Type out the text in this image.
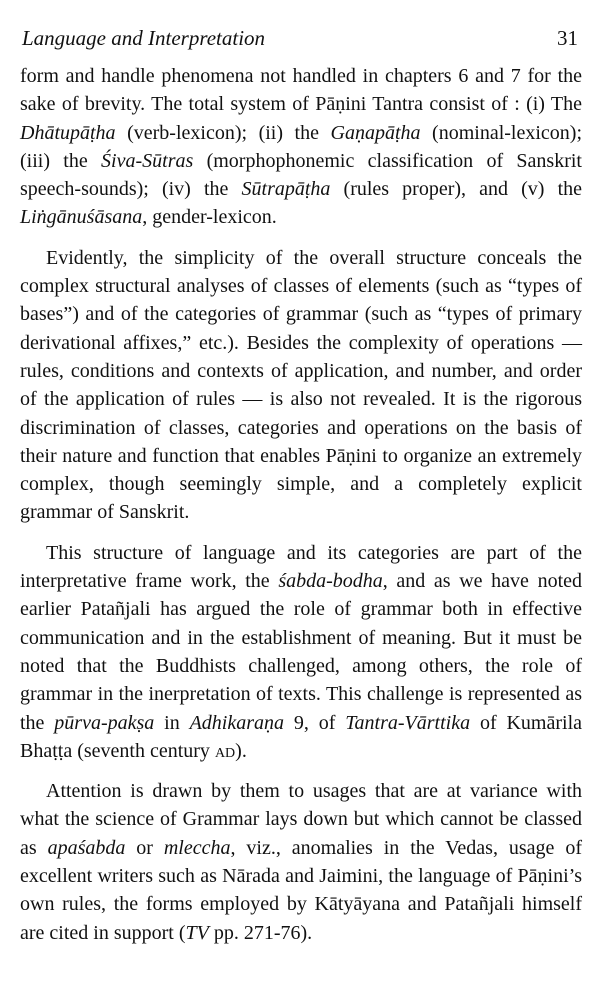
Language and Interpretation	31

form and handle phenomena not handled in chapters 6 and 7 for the sake of brevity. The total system of Pāṇini Tantra consist of : (i) The Dhātupāṭha (verb-lexicon); (ii) the Gaṇapāṭha (nominal-lexicon); (iii) the Śiva-Sūtras (morphophonemic classification of Sanskrit speech-sounds); (iv) the Sūtrapāṭha (rules proper), and (v) the Liṅgānuśāsana, gender-lexicon.

Evidently, the simplicity of the overall structure conceals the complex structural analyses of classes of elements (such as “types of bases”) and of the categories of grammar (such as “types of primary derivational affixes,” etc.). Besides the complexity of operations — rules, conditions and contexts of application, and number, and order of the application of rules — is also not revealed. It is the rigorous discrimination of classes, categories and operations on the basis of their nature and function that enables Pāṇini to organize an extremely complex, though seemingly simple, and a completely explicit grammar of Sanskrit.

This structure of language and its categories are part of the interpretative frame work, the śabda-bodha, and as we have noted earlier Patañjali has argued the role of grammar both in effective communication and in the establishment of meaning. But it must be noted that the Buddhists challenged, among others, the role of grammar in the inerpretation of texts. This challenge is represented as the pūrva-pakṣa in Adhikaraṇa 9, of Tantra-Vārttika of Kumārila Bhaṭṭa (seventh century ad).

Attention is drawn by them to usages that are at variance with what the science of Grammar lays down but which cannot be classed as apaśabda or mleccha, viz., anomalies in the Vedas, usage of excellent writers such as Nārada and Jaimini, the language of Pāṇini’s own rules, the forms employed by Kātyāyana and Patañjali himself are cited in support (TV pp. 271-76).
